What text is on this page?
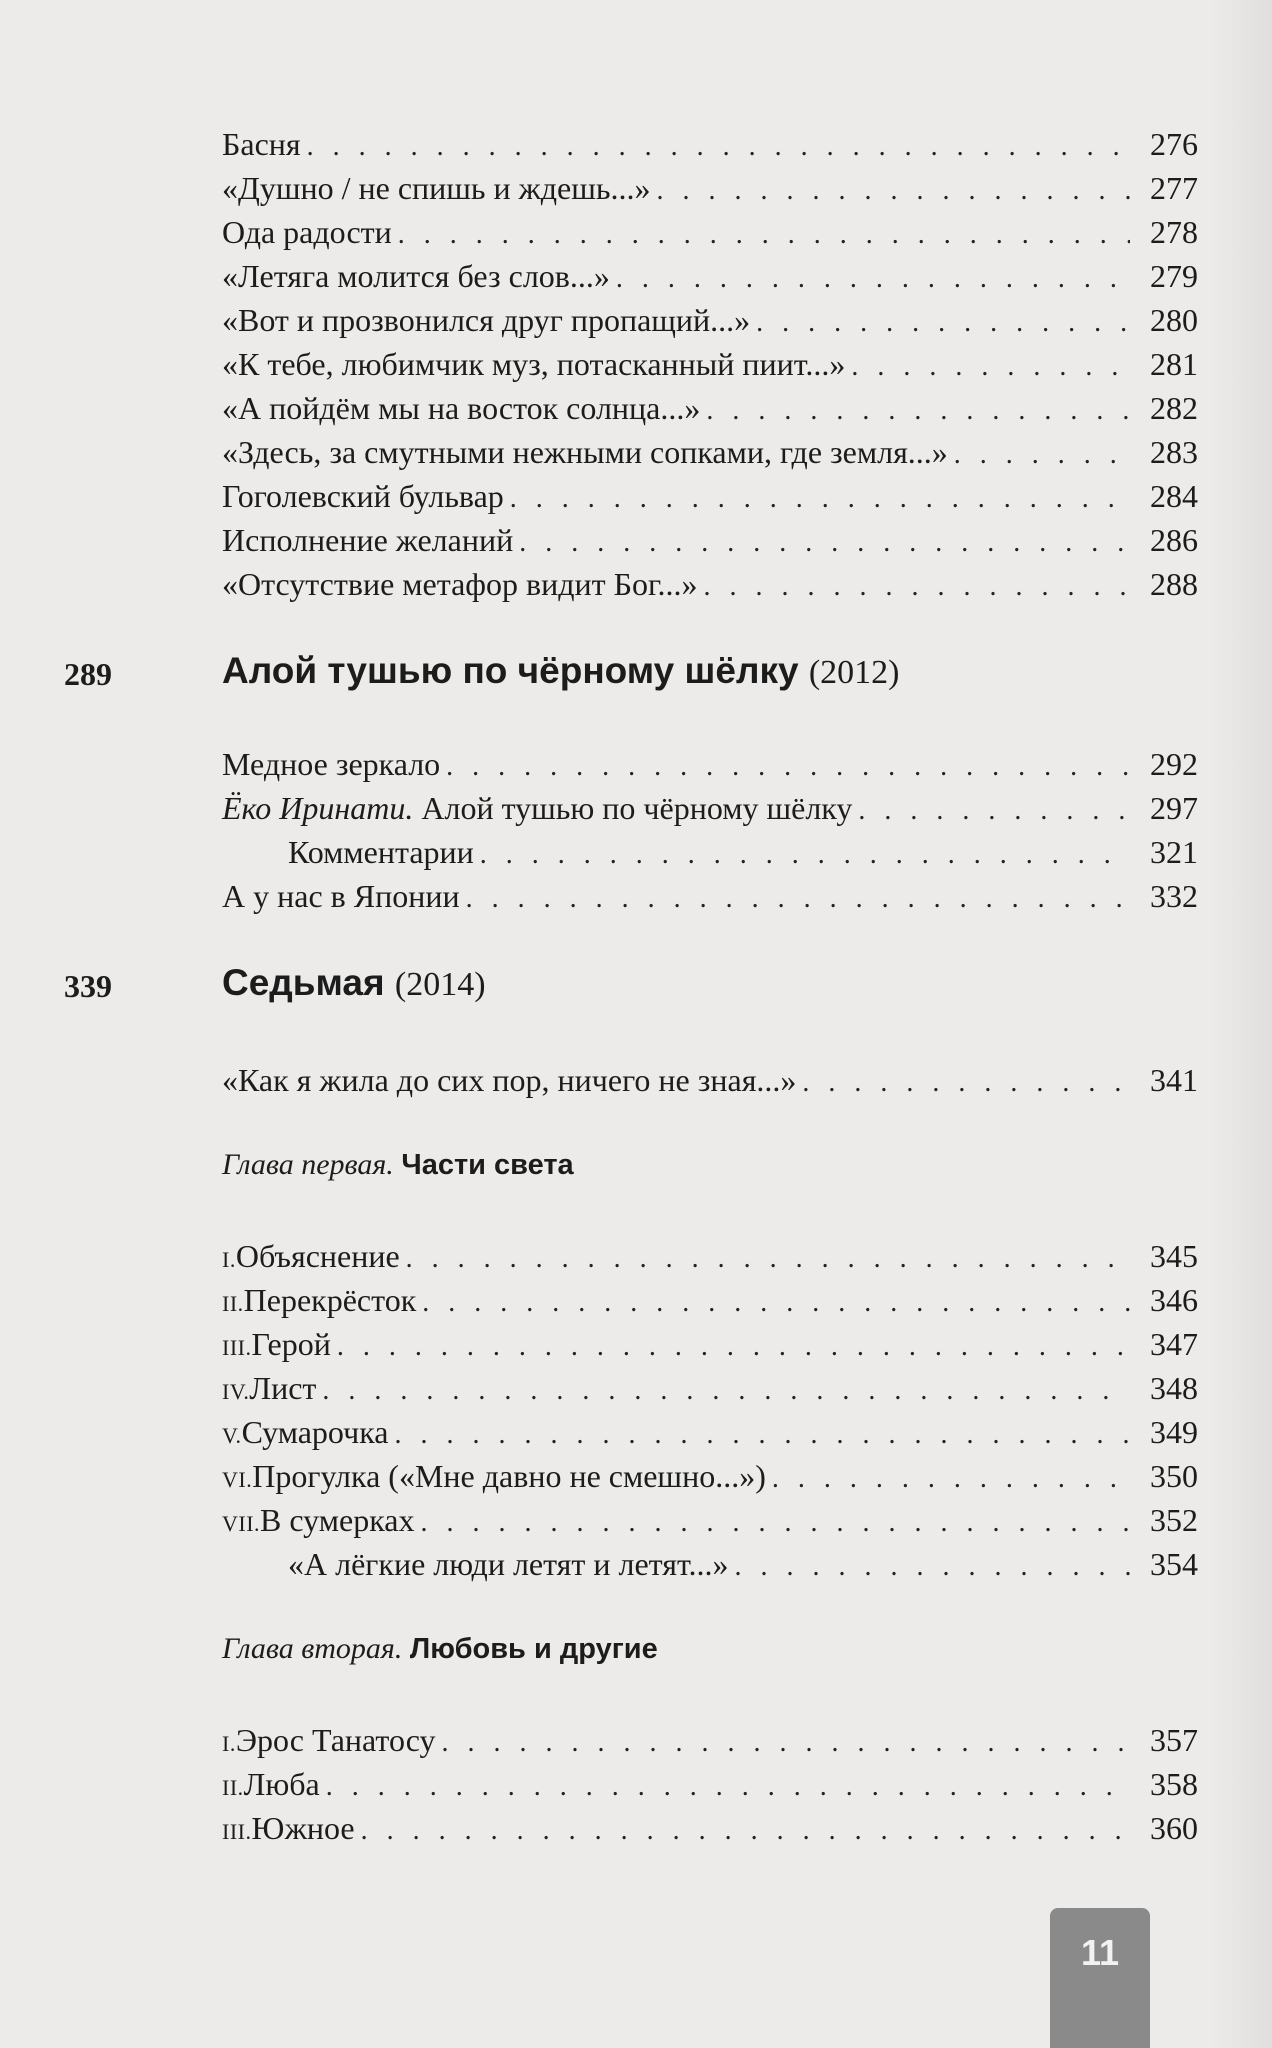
Басня . . .	276
«Душно / не спишь и ждешь...» . . .	277
Ода радости . . .	278
«Летяга молится без слов...» . . .	279
«Вот и прозвонился друг пропащий...» . . .	280
«К тебе, любимчик муз, потасканный пиит...» . . .	281
«А пойдём мы на восток солнца...» . . .	282
«Здесь, за смутными нежными сопками, где земля...» . . .	283
Гоголевский бульвар . . .	284
Исполнение желаний . . .	286
«Отсутствие метафор видит Бог...» . . .	288
289	Алой тушью по чёрному шёлку (2012)
Медное зеркало . . .	292
Ёко Иринати. Алой тушью по чёрному шёлку . . .	297
Комментарии . . .	321
А у нас в Японии . . .	332
339	Седьмая (2014)
«Как я жила до сих пор, ничего не зная...» . . .	341
Глава первая. Части света
I. Объяснение . . .	345
II. Перекрёсток . . .	346
III. Герой . . .	347
IV. Лист . . .	348
V. Сумарочка . . .	349
VI. Прогулка («Мне давно не смешно...») . . .	350
VII. В сумерках . . .	352
«А лёгкие люди летят и летят...» . . .	354
Глава вторая. Любовь и другие
I. Эрос Танатосу . . .	357
II. Люба . . .	358
III. Южное . . .	360
11
